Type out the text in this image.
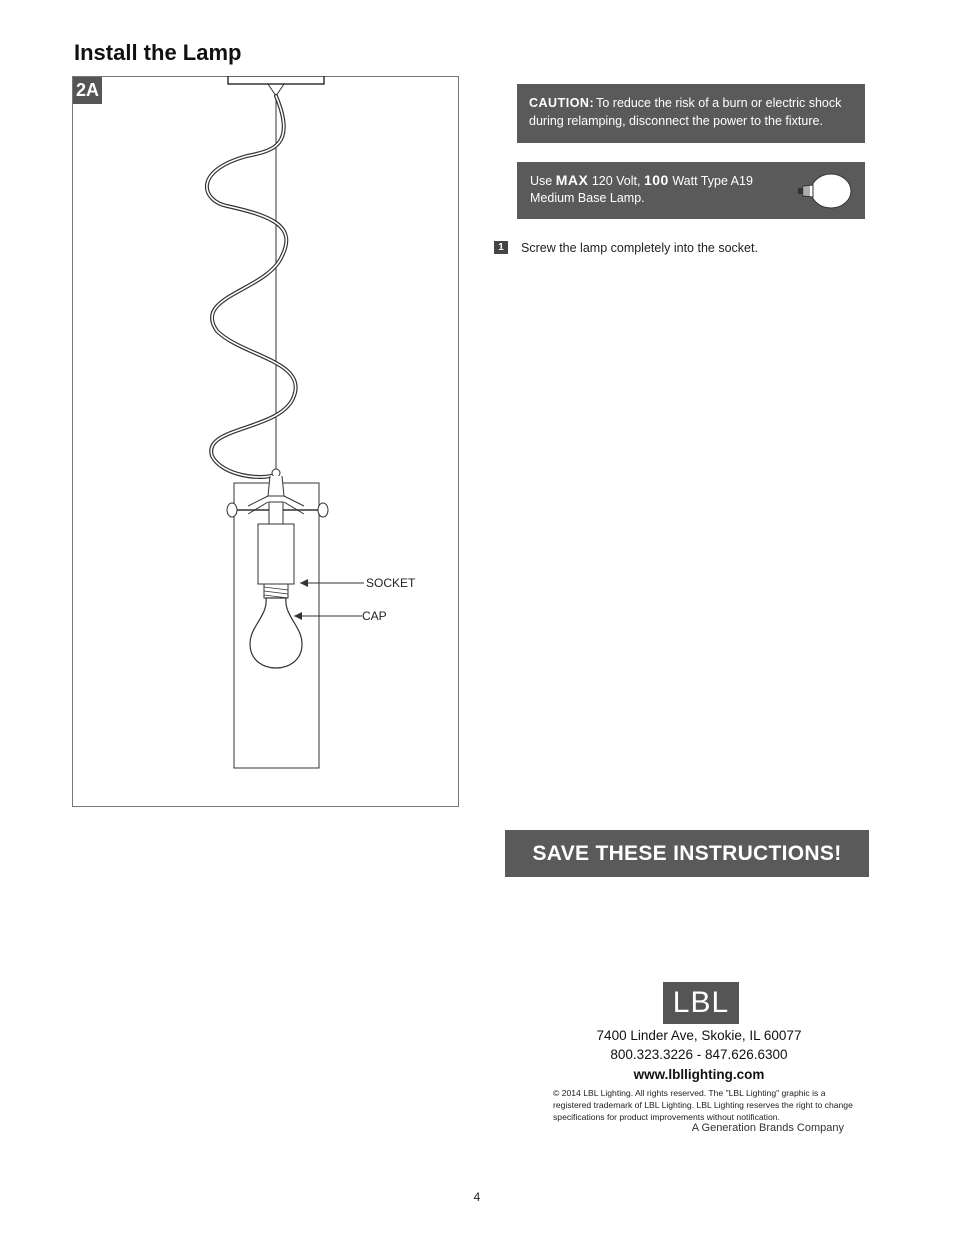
Install the Lamp
SOCKET
CAP
2A
CAUTION: To reduce the risk of a burn or electric shock during relamping, disconnect the power to the fixture.
Use MAX 120 Volt, 100 Watt Type A19
Medium Base Lamp.
1	Screw the lamp completely into the socket.
SAVE THESE INSTRUCTIONS!
LBL
7400 Linder Ave, Skokie, IL 60077
800.323.3226 - 847.626.6300
www.lbllighting.com
© 2014 LBL Lighting. All rights reserved. The "LBL Lighting" graphic is a registered trademark of LBL Lighting. LBL Lighting reserves the right to change specifications for product improvements without notification.
A Generation Brands Company
4
